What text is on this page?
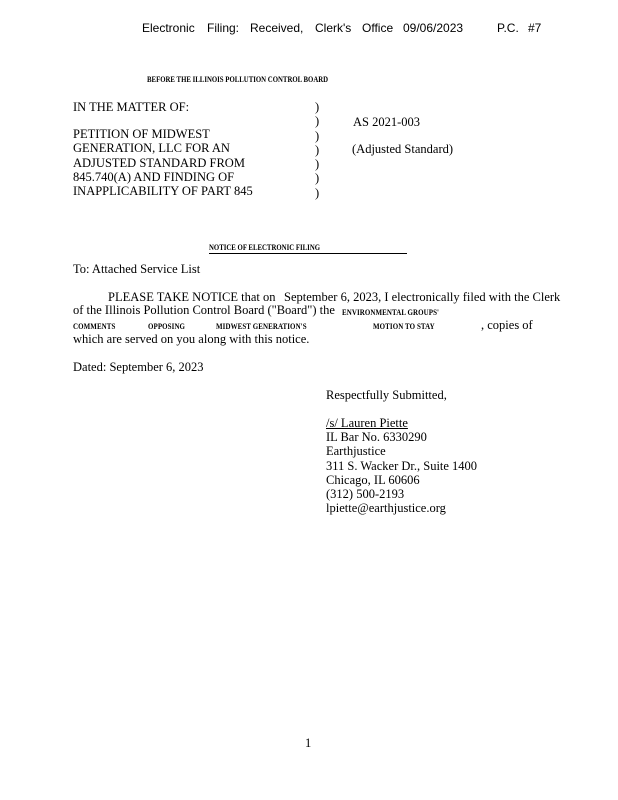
Electronic Filing: Received, Clerk's Office 09/06/2023	P.C. #7
BEFORE THE ILLINOIS POLLUTION CONTROL BOARD
IN THE MATTER OF:
PETITION OF MIDWEST
GENERATION, LLC FOR AN
ADJUSTED STANDARD FROM
845.740(A) AND FINDING OF
INAPPLICABILITY OF PART 845
)
)
)
)
)
)
)
AS 2021-003
(Adjusted Standard)
NOTICE OF ELECTRONIC FILING
To: Attached Service List
PLEASE TAKE NOTICE that on September 6, 2023, I electronically filed with the Clerk
of the Illinois Pollution Control Board ("Board") the ENVIRONMENTAL GROUPS'
COMMENTS	OPPOSING	MIDWEST GENERATION'S	MOTION TO STAY	, copies of
which are served on you along with this notice.
Dated: September 6, 2023
Respectfully Submitted,
/s/ Lauren Piette
IL Bar No. 6330290
Earthjustice
311 S. Wacker Dr., Suite 1400
Chicago, IL 60606
(312) 500-2193
lpiette@earthjustice.org
1
